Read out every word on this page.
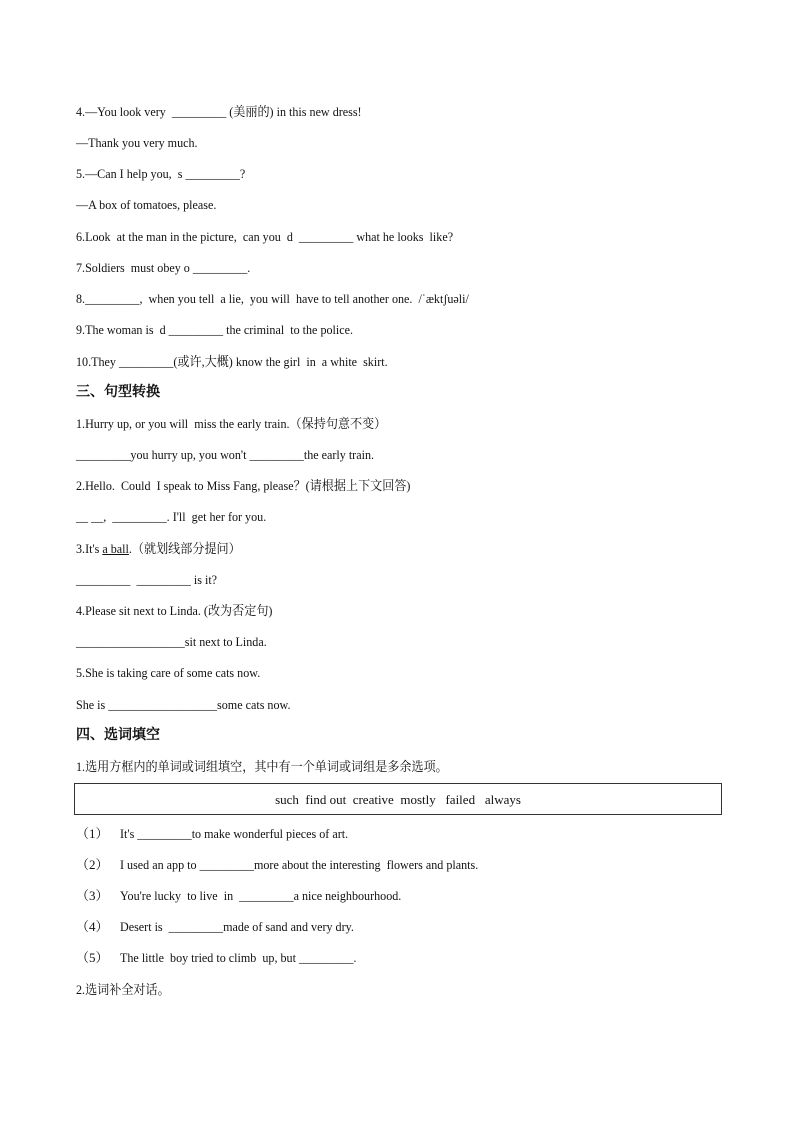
4.—You look very  _________ (美丽的) in this new dress!
—Thank you very much.
5.—Can I help you,  s _________?
—A box of tomatoes, please.
6.Look  at the man in the picture,  can you  d  _________ what he looks  like?
7.Soldiers  must obey o _________.
8._________,  when you tell  a lie,  you will  have to tell another one.  /ˈæktʃuəli/
9.The woman is  d _________ the criminal  to the police.
10.They _________(或许,大概) know the girl  in  a white  skirt.
三、句型转换
1.Hurry up, or you will  miss the early train.（保持句意不变）
_________you hurry up, you won't _________the early train.
2.Hello.  Could  I speak to Miss Fang, please？(请根据上下文回答)
__ __,  _________. I'll  get her for you.
3.It's a ball.（就划线部分提问）
_________  _________ is it?
4.Please sit next to Linda. (改为否定句)
__________________sit next to Linda.
5.She is taking care of some cats now.
She is __________________some cats now.
四、选词填空
1.选用方框内的单词或词组填空，其中有一个单词或词组是多余选项。
such  find out  creative  mostly   failed   always
（1） It's _________to make wonderful pieces of art.
（2） I used an app to _________more about the interesting  flowers and plants.
（3） You're lucky  to live  in  _________a nice neighbourhood.
（4） Desert is  _________made of sand and very dry.
（5） The little  boy tried to climb  up, but _________.
2.选词补全对话。
